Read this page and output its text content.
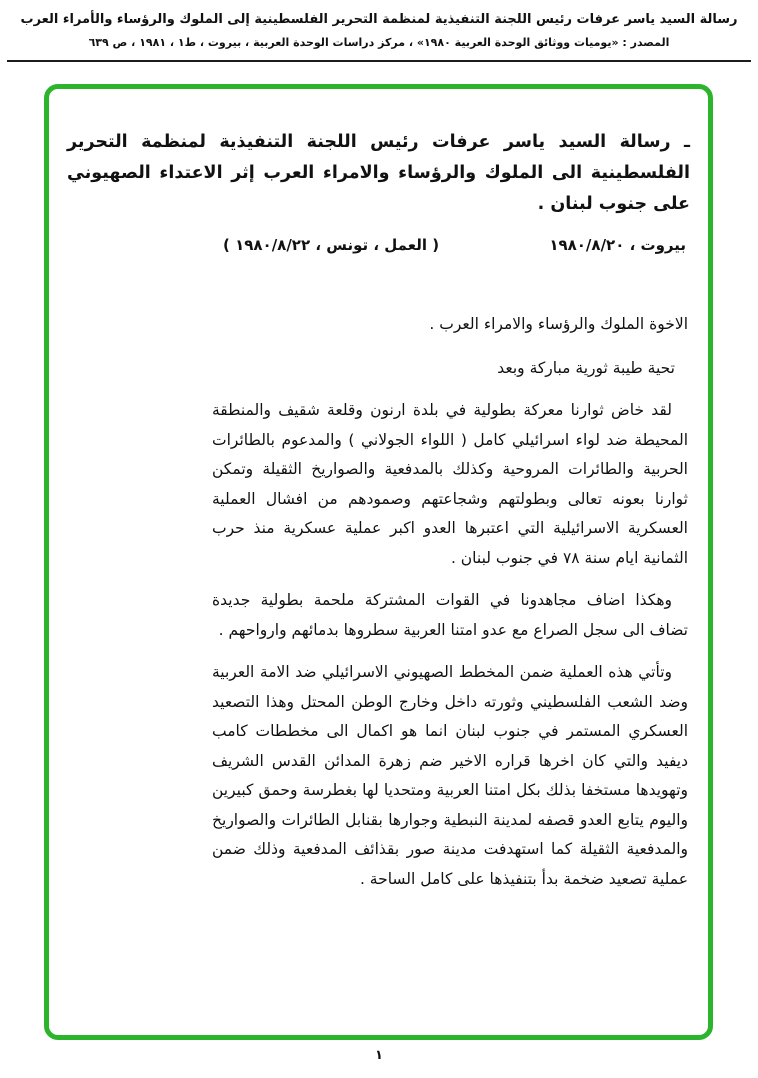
رسالة السيد ياسر عرفات رئيس اللجنة التنفيذية لمنظمة التحرير الفلسطينية إلى الملوك والرؤساء والأمراء العرب
المصدر : «يوميات ووثائق الوحدة العربية ١٩٨٠» ، مركز دراسات الوحدة العربية ، بيروت ، ط١ ، ١٩٨١ ، ص ٦٣٩
ـ رسالة السيد ياسر عرفات رئيس اللجنة التنفيذية لمنظمة التحرير الفلسطينية الى الملوك والرؤساء والامراء العرب إثر الاعتداء الصهيوني على جنوب لبنان .
( العمل ، تونس ، ١٩٨٠/٨/٢٢ )	بيروت ، ١٩٨٠/٨/٢٠
الاخوة الملوك والرؤساء والامراء العرب .
تحية طيبة ثورية مباركة وبعد

لقد خاض ثوارنا معركة بطولية في بلدة ارنون وقلعة شقيف والمنطقة المحيطة ضد لواء اسرائيلي كامل ( اللواء الجولاني ) والمدعوم بالطائرات الحربية والطائرات المروحية وكذلك بالمدفعية والصواريخ الثقيلة وتمكن ثوارنا بعونه تعالى وبطولتهم وشجاعتهم وصمودهم من افشال العملية العسكرية الاسرائيلية التي اعتبرها العدو اكبر عملية عسكرية منذ حرب الثمانية ايام سنة ٧٨ في جنوب لبنان .

وهكذا اضاف مجاهدونا في القوات المشتركة ملحمة بطولية جديدة تضاف الى سجل الصراع مع عدو امتنا العربية سطروها بدمائهم وارواحهم .

وتأتي هذه العملية ضمن المخطط الصهيوني الاسرائيلي ضد الامة العربية وضد الشعب الفلسطيني وثورته داخل وخارج الوطن المحتل وهذا التصعيد العسكري المستمر في جنوب لبنان انما هو اكمال الى مخططات كامب ديفيد والتي كان اخرها قراره الاخير ضم زهرة المدائن القدس الشريف وتهويدها مستخفا بذلك بكل امتنا العربية ومتحديا لها بغطرسة وحمق كبيرين واليوم يتابع العدو قصفه لمدينة النبطية وجوارها بقنابل الطائرات والصواريخ والمدفعية الثقيلة كما استهدفت مدينة صور بقذائف المدفعية وذلك ضمن عملية تصعيد ضخمة بدأ بتنفيذها على كامل الساحة .

١
